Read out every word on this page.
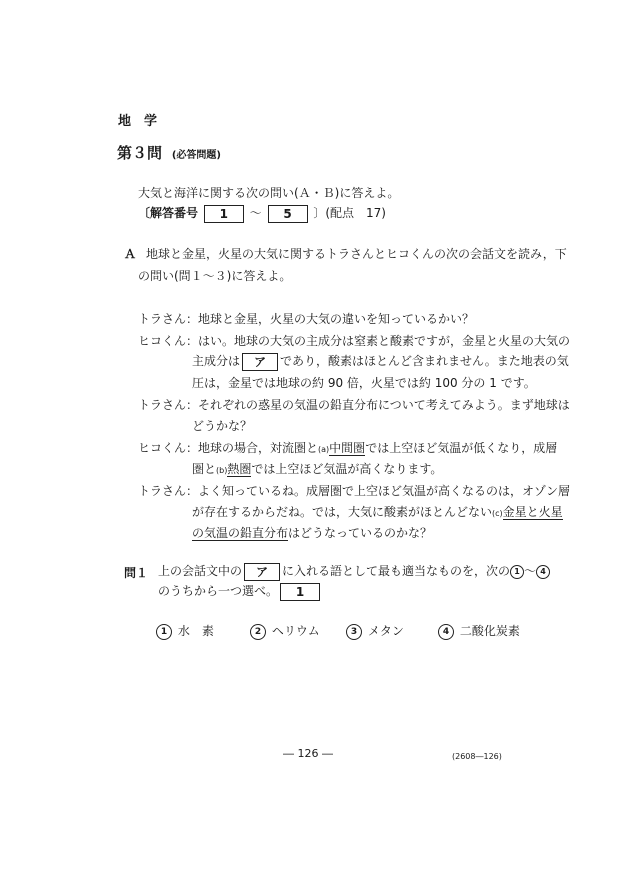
地　学
第３問 (必答問題)
大気と海洋に関する次の問い(Ａ・Ｂ)に答えよ。
〔解答番号 1 ～ 5 〕(配点　17)
Ａ 地球と金星，火星の大気に関するトラさんとヒコくんの次の会話文を読み，下
の問い(問１～３)に答えよ。
トラさん：地球と金星，火星の大気の違いを知っているかい？
ヒコくん：はい。地球の大気の主成分は窒素と酸素ですが，金星と火星の大気の
主成分は ア であり，酸素はほとんど含まれません。また地表の気
圧は，金星では地球の約 90 倍，火星では約 100 分の 1 です。
トラさん：それぞれの惑星の気温の鉛直分布について考えてみよう。まず地球は
どうかな？
ヒコくん：地球の場合，対流圏と(a)中間圏では上空ほど気温が低くなり，成層
圏と(b)熱圏では上空ほど気温が高くなります。
トラさん：よく知っているね。成層圏で上空ほど気温が高くなるのは，オゾン層
が存在するからだね。では，大気に酸素がほとんどない(c)金星と火星
の気温の鉛直分布はどうなっているのかな？
問１ 上の会話文中の ア に入れる語として最も適当なものを，次の 1 ～ 4
のうちから一つ選べ。 1
1 水　素	2 ヘリウム	3 メタン	4 二酸化炭素
― 126 ―	(2608―126)
